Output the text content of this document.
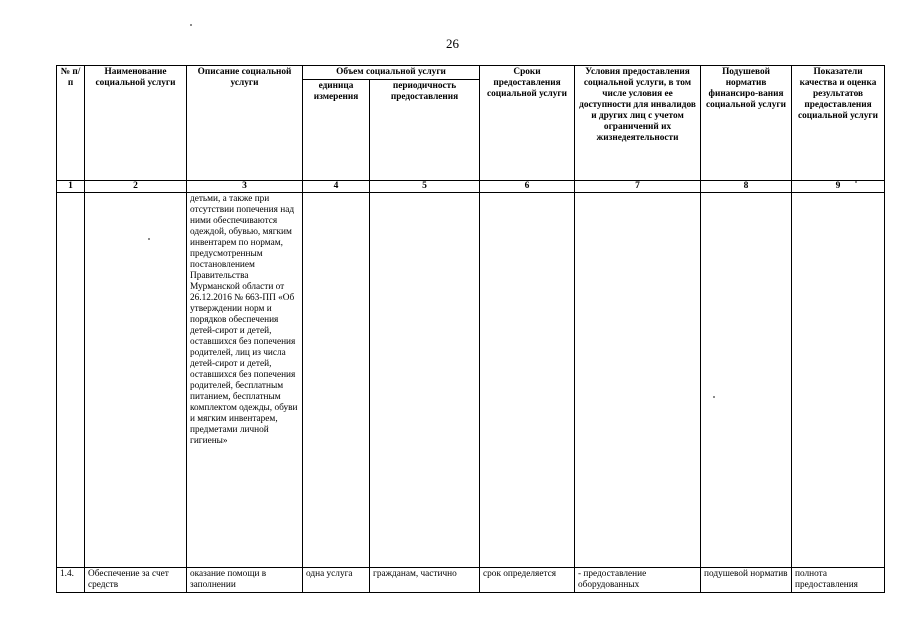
26
№ п/п	Наименование социальной услуги	Описание социальной услуги	Объем социальной услуги		Сроки предоставления социальной услуги	Условия предоставления социальной услуги, в том числе условия ее доступности для инвалидов и других лиц с учетом ограничений их жизнедеятельности	Подушевой норматив финансиро-вания социальной услуги	Показатели качества и оценка результатов предоставления социальной услуги
			единица измерения	периодичность предоставления				
1	2	3	4	5	6	7	8	9
		детьми, а также при отсутствии попечения над ними обеспечиваются одеждой, обувью, мягким инвентарем по нормам, предусмотренным постановлением Правительства Мурманской области от 26.12.2016 № 663-ПП «Об утверждении норм и порядков обеспечения детей-сирот и детей, оставшихся без попечения родителей, лиц из числа детей-сирот и детей, оставшихся без попечения родителей, бесплатным питанием, бесплатным комплектом одежды, обуви и мягким инвентарем, предметами личной гигиены»						
1.4.	Обеспечение за счет средств	оказание помощи в заполнении	одна услуга	гражданам, частично	срок определяется	- предоставление оборудованных	подушевой норматив	полнота предоставления
